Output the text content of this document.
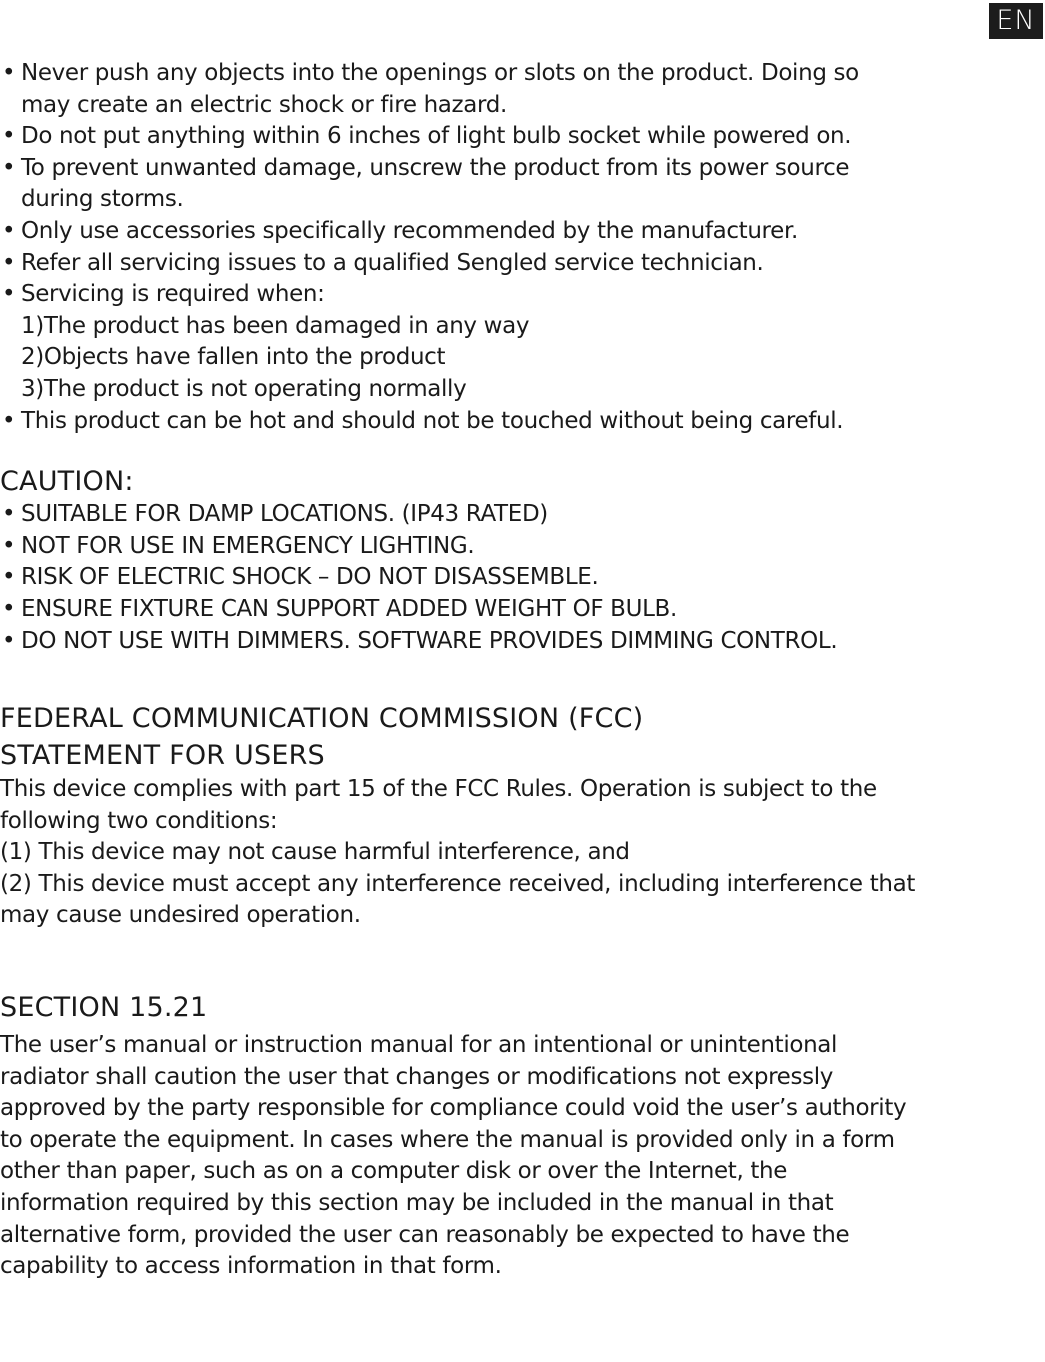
EN
• Never push any objects into the openings or slots on the product. Doing so
may create an electric shock or fire hazard.
• Do not put anything within 6 inches of light bulb socket while powered on.
• To prevent unwanted damage, unscrew the product from its power source
during storms.
• Only use accessories specifically recommended by the manufacturer.
• Refer all servicing issues to a qualified Sengled service technician.
• Servicing is required when:
1)The product has been damaged in any way
2)Objects have fallen into the product
3)The product is not operating normally
• This product can be hot and should not be touched without being careful.
CAUTION:
• SUITABLE FOR DAMP LOCATIONS. (IP43 RATED)
• NOT FOR USE IN EMERGENCY LIGHTING.
• RISK OF ELECTRIC SHOCK – DO NOT DISASSEMBLE.
• ENSURE FIXTURE CAN SUPPORT ADDED WEIGHT OF BULB.
• DO NOT USE WITH DIMMERS. SOFTWARE PROVIDES DIMMING CONTROL.
FEDERAL COMMUNICATION COMMISSION (FCC)
STATEMENT FOR USERS
This device complies with part 15 of the FCC Rules. Operation is subject to the
following two conditions:
(1) This device may not cause harmful interference, and
(2) This device must accept any interference received, including interference that
may cause undesired operation.
SECTION 15.21
The user’s manual or instruction manual for an intentional or unintentional
radiator shall caution the user that changes or modifications not expressly
approved by the party responsible for compliance could void the user’s authority
to operate the equipment. In cases where the manual is provided only in a form
other than paper, such as on a computer disk or over the Internet, the
information required by this section may be included in the manual in that
alternative form, provided the user can reasonably be expected to have the
capability to access information in that form.
